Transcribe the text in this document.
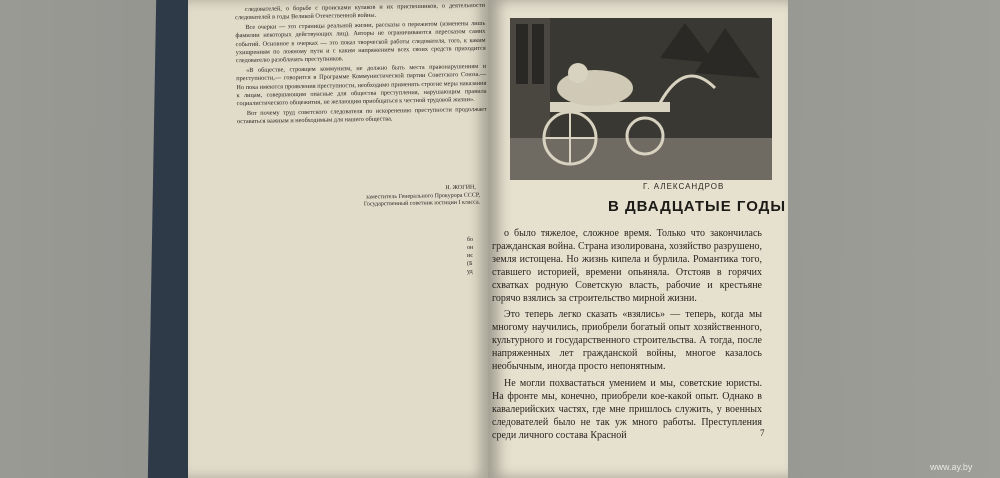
следователей, о борьбе с происками кулаков и их приспешников, о деятельности следователей в годы Великой Отечественной войны.

Все очерки — это страницы реальной жизни, рассказы о пережитом (изменены лишь фамилии некоторых действующих лиц). Авторы не ограничиваются пересказом самих событий. Основное в очерках — это показ творческой работы следователя, того, к каким ухищрениям по ложному пути и с каким напряжением всех своих средств приходится следователю разоблачать преступников.

«В обществе, строящем коммунизм, не должно быть места правонарушениям и преступности,— говорится в Программе Коммунистической партии Советского Союза.— Но пока имеются проявления преступности, необходимо применять строгие меры наказания к лицам, совершающим опасные для общества преступления, нарушающим правила социалистического общежития, не желающим приобщаться к честной трудовой жизни».

Вот почему труд советского следователя по искоренению преступности продолжает оставаться важным и необходимым для нашего общества.

Н. ЖОГИН,
заместитель Генерального Прокурора СССР,
Государственный советник юстиции I класса.
бо
он
иє
(Б
уд
Г. АЛЕКСАНДРОВ
В ДВАДЦАТЫЕ ГОДЫ

о было тяжелое, сложное время. Только что закончилась гражданская война. Страна изолирована, хозяйство разрушено, земля истощена. Но жизнь кипела и бурлила. Романтика того, ставшего историей, времени опьяняла. Отстояв в горячих схватках родную Советскую власть, рабочие и крестьяне горячо взялись за строительство мирной жизни.

Это теперь легко сказать «взялись» — теперь, когда мы многому научились, приобрели богатый опыт хозяйственного, культурного и государственного строительства. А тогда, после напряженных лет гражданской войны, многое казалось необычным, иногда просто непонятным.

Не могли похвастаться умением и мы, советские юристы. На фронте мы, конечно, приобрели кое-какой опыт. Однако в кавалерийских частях, где мне пришлось служить, у военных следователей было не так уж много работы. Преступления среди личного состава Красной	7
www.ay.by
